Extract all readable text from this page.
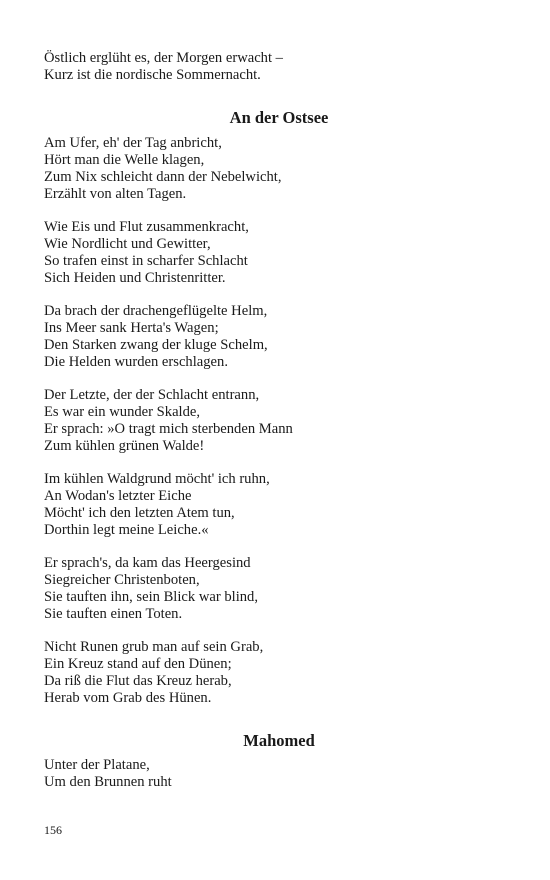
Östlich erglüht es, der Morgen erwacht –
Kurz ist die nordische Sommernacht.
An der Ostsee
Am Ufer, eh' der Tag anbricht,
Hört man die Welle klagen,
Zum Nix schleicht dann der Nebelwicht,
Erzählt von alten Tagen.
Wie Eis und Flut zusammenkracht,
Wie Nordlicht und Gewitter,
So trafen einst in scharfer Schlacht
Sich Heiden und Christenritter.
Da brach der drachengeflügelte Helm,
Ins Meer sank Herta's Wagen;
Den Starken zwang der kluge Schelm,
Die Helden wurden erschlagen.
Der Letzte, der der Schlacht entrann,
Es war ein wunder Skalde,
Er sprach: »O tragt mich sterbenden Mann
Zum kühlen grünen Walde!
Im kühlen Waldgrund möcht' ich ruhn,
An Wodan's letzter Eiche
Möcht' ich den letzten Atem tun,
Dorthin legt meine Leiche.«
Er sprach's, da kam das Heergesind
Siegreicher Christenboten,
Sie tauften ihn, sein Blick war blind,
Sie tauften einen Toten.
Nicht Runen grub man auf sein Grab,
Ein Kreuz stand auf den Dünen;
Da riß die Flut das Kreuz herab,
Herab vom Grab des Hünen.
Mahomed
Unter der Platane,
Um den Brunnen ruht
156
